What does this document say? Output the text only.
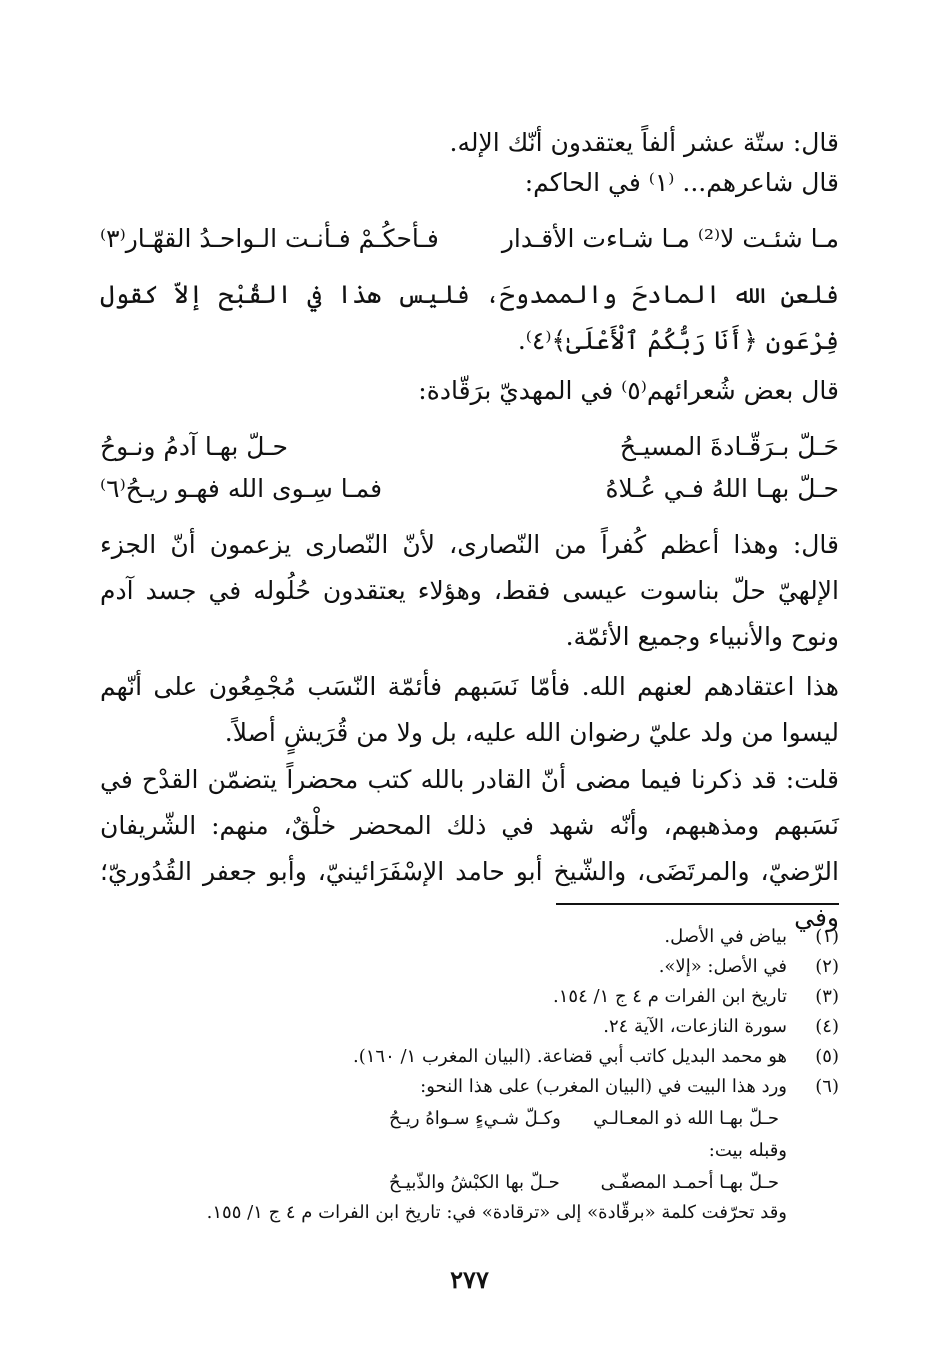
قال: ستّة عشر ألفاً يعتقدون أنّك الإله.
قال شاعرهم... ⁽١⁾ في الحاكم:
مـا شئـت لا⁽²⁾ مـا شـاءت الأقـدار
فـأحكُـمْ فـأنـت الـواحـدُ القهّـار⁽٣⁾
فلعن الله المادحَ والممدوحَ، فليس هذا في القُبْح إلاّ كقول فِرْعَون ﴿أَنَا رَبُّكُمُ ٱلْأَعْلَىٰ﴾⁽٤⁾.
قال بعض شُعرائهم⁽٥⁾ في المهديّ برَقّادة:
حَـلّ بـرَقّـادةَ المسيـحُ
حـلّ بهـا آدمُ ونـوحُ
حـلّ بهـا اللهُ فـي عُـلاهُ
فمـا سِـوى الله فهـو ريـحُ⁽٦⁾
قال: وهذا أعظم كُفراً من النّصارى، لأنّ النّصارى يزعمون أنّ الجزء الإلهيّ حلّ بناسوت عيسى فقط، وهؤلاء يعتقدون حُلُوله في جسد آدم ونوح والأنبياء وجميع الأئمّة.
هذا اعتقادهم لعنهم الله. فأمّا نَسَبهم فأئمّة النّسَب مُجْمِعُون على أنّهم ليسوا من ولد عليّ رضوان الله عليه، بل ولا من قُرَيشٍ أصلاً.
قلت: قد ذكرنا فيما مضى أنّ القادر بالله كتب محضراً يتضمّن القدْح في نَسَبهم ومذهبهم، وأنّه شهد في ذلك المحضر خلْقٌ، منهم: الشّريفان الرّضيّ، والمرتَضَى، والشّيخ أبو حامد الإسْفَرَائينيّ، وأبو جعفر القُدُوريّ؛ وفي
(١)
بياض في الأصل.
(٢)
في الأصل: «إلا».
(٣)
تاريخ ابن الفرات م ٤ ج ١/ ١٥٤.
(٤)
سورة النازعات، الآية ٢٤.
(٥)
هو محمد البديل كاتب أبي قضاعة. (البيان المغرب ١/ ١٦٠).
(٦)
ورد هذا البيت في (البيان المغرب) على هذا النحو:
حـلّ بهـا الله ذو المعـالـي
وكـلّ شـيءٍ سـواهُ ريـحُ
وقبله بيت:
حـلّ بهـا أحمـد المصفّـى
حـلّ بها الكبْشُ والذّبيـحُ
وقد تحرّفت كلمة «برقّادة» إلى «ترقادة» في: تاريخ ابن الفرات م ٤ ج ١/ ١٥٥.
٢٧٧
